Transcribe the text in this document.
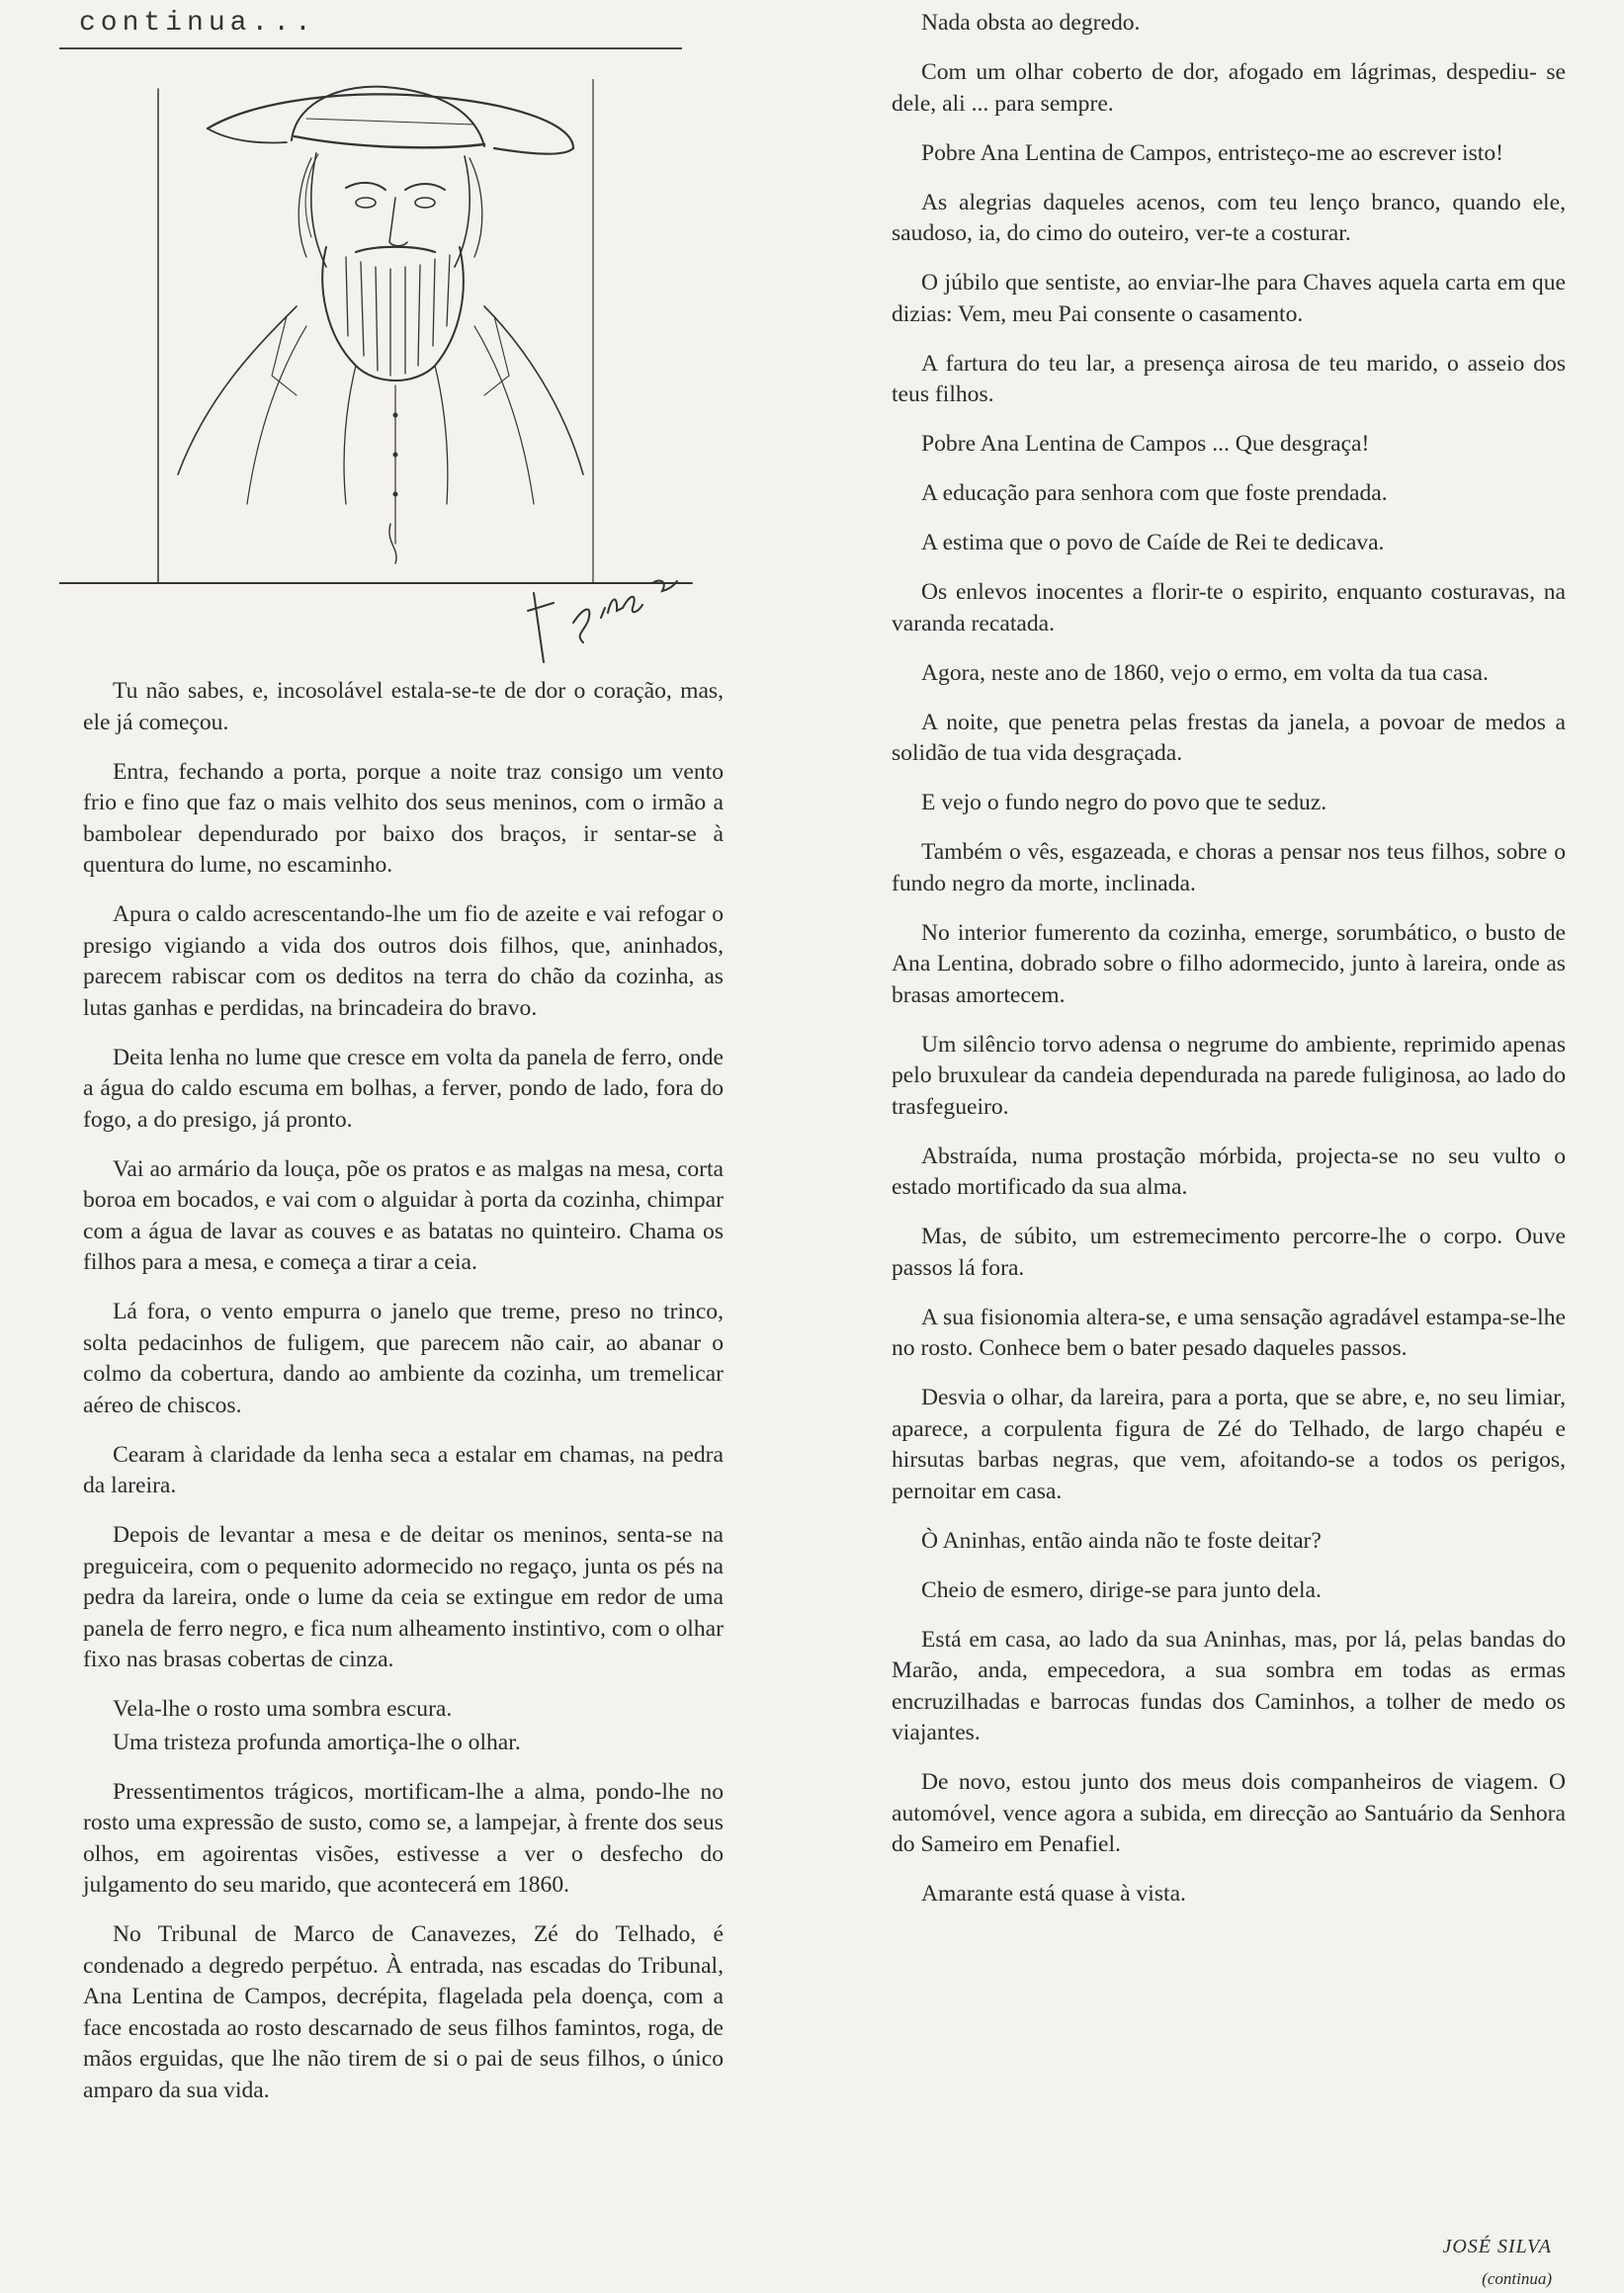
continua...

Tu não sabes, e, incosolável estala-se-te de dor o coração, mas, ele já começou.

Entra, fechando a porta, porque a noite traz consigo um vento frio e fino que faz o mais velhito dos seus meninos, com o irmão a bambolear dependurado por baixo dos braços, ir sentar-se à quentura do lume, no escaminho.

Apura o caldo acrescentando-lhe um fio de azeite e vai refogar o presigo vigiando a vida dos outros dois filhos, que, aninhados, parecem rabiscar com os deditos na terra do chão da cozinha, as lutas ganhas e perdidas, na brincadeira do bravo.

Deita lenha no lume que cresce em volta da panela de ferro, onde a água do caldo escuma em bolhas, a ferver, pondo de lado, fora do fogo, a do presigo, já pronto.

Vai ao armário da louça, põe os pratos e as malgas na mesa, corta boroa em bocados, e vai com o alguidar à porta da cozinha, chimpar com a água de lavar as couves e as batatas no quinteiro. Chama os filhos para a mesa, e começa a tirar a ceia.

Lá fora, o vento empurra o janelo que treme, preso no trinco, solta pedacinhos de fuligem, que parecem não cair, ao abanar o colmo da cobertura, dando ao ambiente da cozinha, um tremelicar aéreo de chiscos.

Cearam à claridade da lenha seca a estalar em chamas, na pedra da lareira.

Depois de levantar a mesa e de deitar os meninos, senta-se na preguiceira, com o pequenito adormecido no regaço, junta os pés na pedra da lareira, onde o lume da ceia se extingue em redor de uma panela de ferro negro, e fica num alheamento instintivo, com o olhar fixo nas brasas cobertas de cinza.

Vela-lhe o rosto uma sombra escura.

Uma tristeza profunda amortiça-lhe o olhar.

Pressentimentos trágicos, mortificam-lhe a alma, pondo-lhe no rosto uma expressão de susto, como se, a lampejar, à frente dos seus olhos, em agoirentas visões, estivesse a ver o desfecho do julgamento do seu marido, que acontecerá em 1860.

No Tribunal de Marco de Canavezes, Zé do Telhado, é condenado a degredo perpétuo. À entrada, nas escadas do Tribunal, Ana Lentina de Campos, decrépita, flagelada pela doença, com a face encostada ao rosto descarnado de seus filhos famintos, roga, de mãos erguidas, que lhe não tirem de si o pai de seus filhos, o único amparo da sua vida.

Nada obsta ao degredo.

Com um olhar coberto de dor, afogado em lágrimas, despediu- se dele, ali ... para sempre.

Pobre Ana Lentina de Campos, entristeço-me ao escrever isto!

As alegrias daqueles acenos, com teu lenço branco, quando ele, saudoso, ia, do cimo do outeiro, ver-te a costurar.

O júbilo que sentiste, ao enviar-lhe para Chaves aquela carta em que dizias: Vem, meu Pai consente o casamento.

A fartura do teu lar, a presença airosa de teu marido, o asseio dos teus filhos.

Pobre Ana Lentina de Campos ... Que desgraça!

A educação para senhora com que foste prendada.

A estima que o povo de Caíde de Rei te dedicava.

Os enlevos inocentes a florir-te o espirito, enquanto costuravas, na varanda recatada.

Agora, neste ano de 1860, vejo o ermo, em volta da tua casa.

A noite, que penetra pelas frestas da janela, a povoar de medos a solidão de tua vida desgraçada.

E vejo o fundo negro do povo que te seduz.

Também o vês, esgazeada, e choras a pensar nos teus filhos, sobre o fundo negro da morte, inclinada.

No interior fumerento da cozinha, emerge, sorumbático, o busto de Ana Lentina, dobrado sobre o filho adormecido, junto à lareira, onde as brasas amortecem.

Um silêncio torvo adensa o negrume do ambiente, reprimido apenas pelo bruxulear da candeia dependurada na parede fuliginosa, ao lado do trasfegueiro.

Abstraída, numa prostação mórbida, projecta-se no seu vulto o estado mortificado da sua alma.

Mas, de súbito, um estremecimento percorre-lhe o corpo. Ouve passos lá fora.

A sua fisionomia altera-se, e uma sensação agradável estampa-se-lhe no rosto. Conhece bem o bater pesado daqueles passos.

Desvia o olhar, da lareira, para a porta, que se abre, e, no seu limiar, aparece, a corpulenta figura de Zé do Telhado, de largo chapéu e hirsutas barbas negras, que vem, afoitando-se a todos os perigos, pernoitar em casa.

Ò Aninhas, então ainda não te foste deitar?

Cheio de esmero, dirige-se para junto dela.

Está em casa, ao lado da sua Aninhas, mas, por lá, pelas bandas do Marão, anda, empecedora, a sua sombra em todas as ermas encruzilhadas e barrocas fundas dos Caminhos, a tolher de medo os viajantes.

De novo, estou junto dos meus dois companheiros de viagem. O automóvel, vence agora a subida, em direcção ao Santuário da Senhora do Sameiro em Penafiel.

Amarante está quase à vista.

JOSÉ SILVA
(continua)
